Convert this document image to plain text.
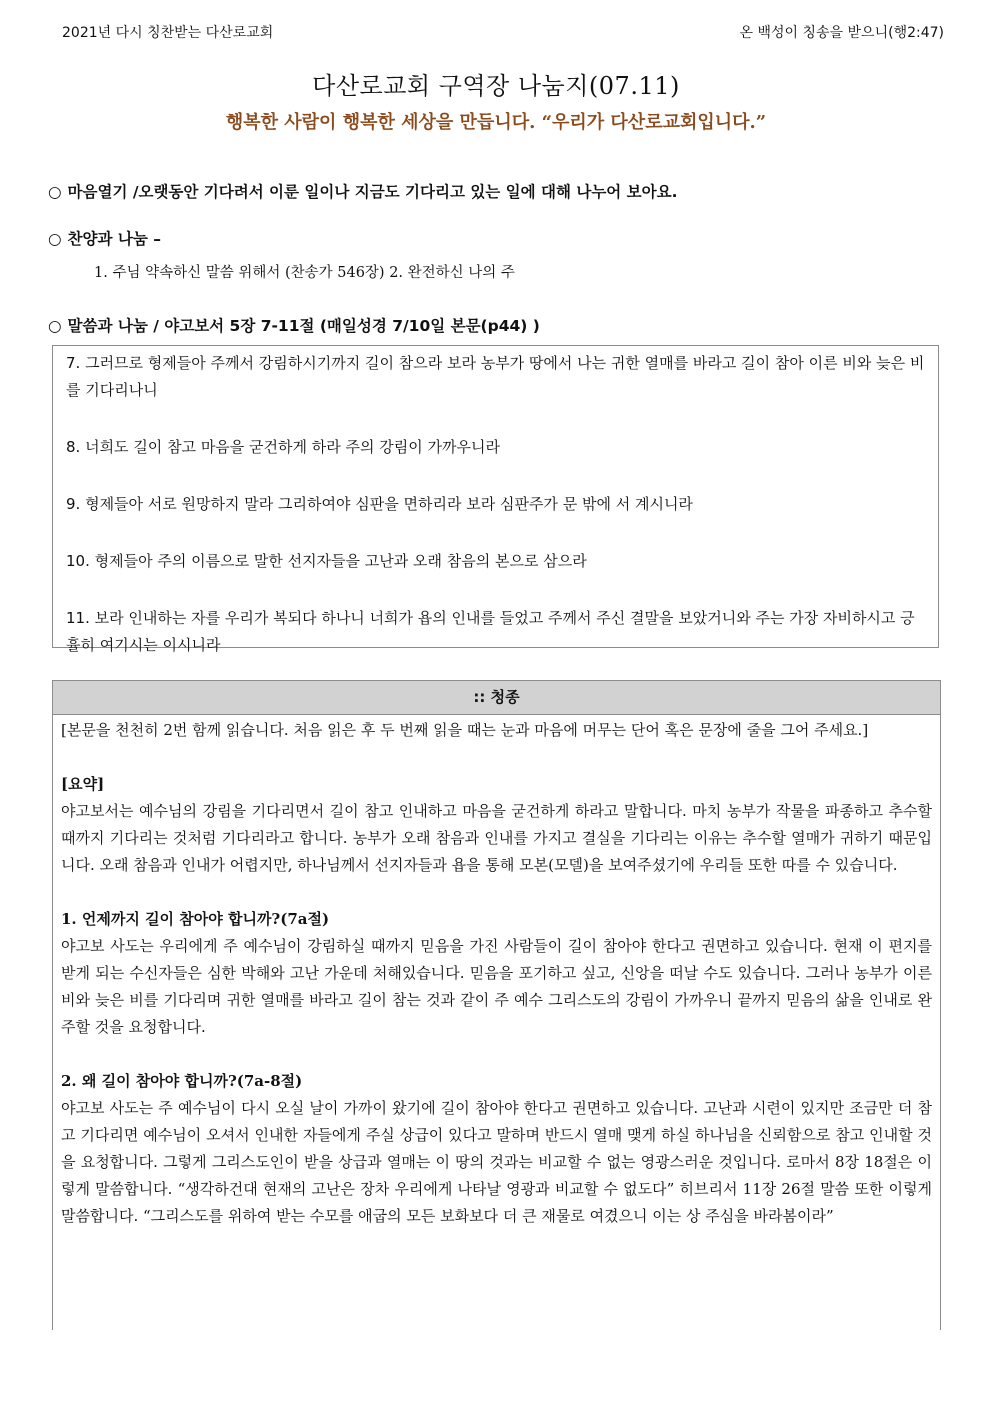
2021년 다시 칭찬받는 다산로교회	온 백성이 칭송을 받으니(행2:47)
다산로교회 구역장 나눔지(07.11)
행복한 사람이 행복한 세상을 만듭니다. “우리가 다산로교회입니다.”
○ 마음열기 /오랫동안 기다려서 이룬 일이나 지금도 기다리고 있는 일에 대해 나누어 보아요.
○ 찬양과 나눔 –
1. 주님 약속하신 말씀 위해서 (찬송가 546장) 2. 완전하신 나의 주
○ 말씀과 나눔 / 야고보서 5장 7-11절 (매일성경 7/10일 본문(p44) )

7. 그러므로 형제들아 주께서 강림하시기까지 길이 참으라 보라 농부가 땅에서 나는 귀한 열매를 바라고 길이 참아 이른 비와 늦은 비를 기다리나니

8. 너희도 길이 참고 마음을 굳건하게 하라 주의 강림이 가까우니라

9. 형제들아 서로 원망하지 말라 그리하여야 심판을 면하리라 보라 심판주가 문 밖에 서 계시니라

10. 형제들아 주의 이름으로 말한 선지자들을 고난과 오래 참음의 본으로 삼으라

11. 보라 인내하는 자를 우리가 복되다 하나니 너희가 욥의 인내를 들었고 주께서 주신 결말을 보았거니와 주는 가장 자비하시고 긍휼히 여기시는 이시니라

:: 청종

[본문을 천천히 2번 함께 읽습니다. 처음 읽은 후 두 번째 읽을 때는 눈과 마음에 머무는 단어 혹은 문장에 줄을 그어 주세요.]

[요약]

야고보서는 예수님의 강림을 기다리면서 길이 참고 인내하고 마음을 굳건하게 하라고 말합니다. 마치 농부가 작물을 파종하고 추수할 때까지 기다리는 것처럼 기다리라고 합니다. 농부가 오래 참음과 인내를 가지고 결실을 기다리는 이유는 추수할 열매가 귀하기 때문입니다. 오래 참음과 인내가 어렵지만, 하나님께서 선지자들과 욥을 통해 모본(모델)을 보여주셨기에 우리들 또한 따를 수 있습니다.

1. 언제까지 길이 참아야 합니까?(7a절)

야고보 사도는 우리에게 주 예수님이 강림하실 때까지 믿음을 가진 사람들이 길이 참아야 한다고 권면하고 있습니다. 현재 이 편지를 받게 되는 수신자들은 심한 박해와 고난 가운데 처해있습니다. 믿음을 포기하고 싶고, 신앙을 떠날 수도 있습니다. 그러나 농부가 이른 비와 늦은 비를 기다리며 귀한 열매를 바라고 길이 참는 것과 같이 주 예수 그리스도의 강림이 가까우니 끝까지 믿음의 삶을 인내로 완주할 것을 요청합니다.

2. 왜 길이 참아야 합니까?(7a-8절)

야고보 사도는 주 예수님이 다시 오실 날이 가까이 왔기에 길이 참아야 한다고 권면하고 있습니다. 고난과 시련이 있지만 조금만 더 참고 기다리면 예수님이 오셔서 인내한 자들에게 주실 상급이 있다고 말하며 반드시 열매 맺게 하실 하나님을 신뢰함으로 참고 인내할 것을 요청합니다. 그렇게 그리스도인이 받을 상급과 열매는 이 땅의 것과는 비교할 수 없는 영광스러운 것입니다. 로마서 8장 18절은 이렇게 말씀합니다. “생각하건대 현재의 고난은 장차 우리에게 나타날 영광과 비교할 수 없도다” 히브리서 11장 26절 말씀 또한 이렇게 말씀합니다. “그리스도를 위하여 받는 수모를 애굽의 모든 보화보다 더 큰 재물로 여겼으니 이는 상 주심을 바라봄이라”
